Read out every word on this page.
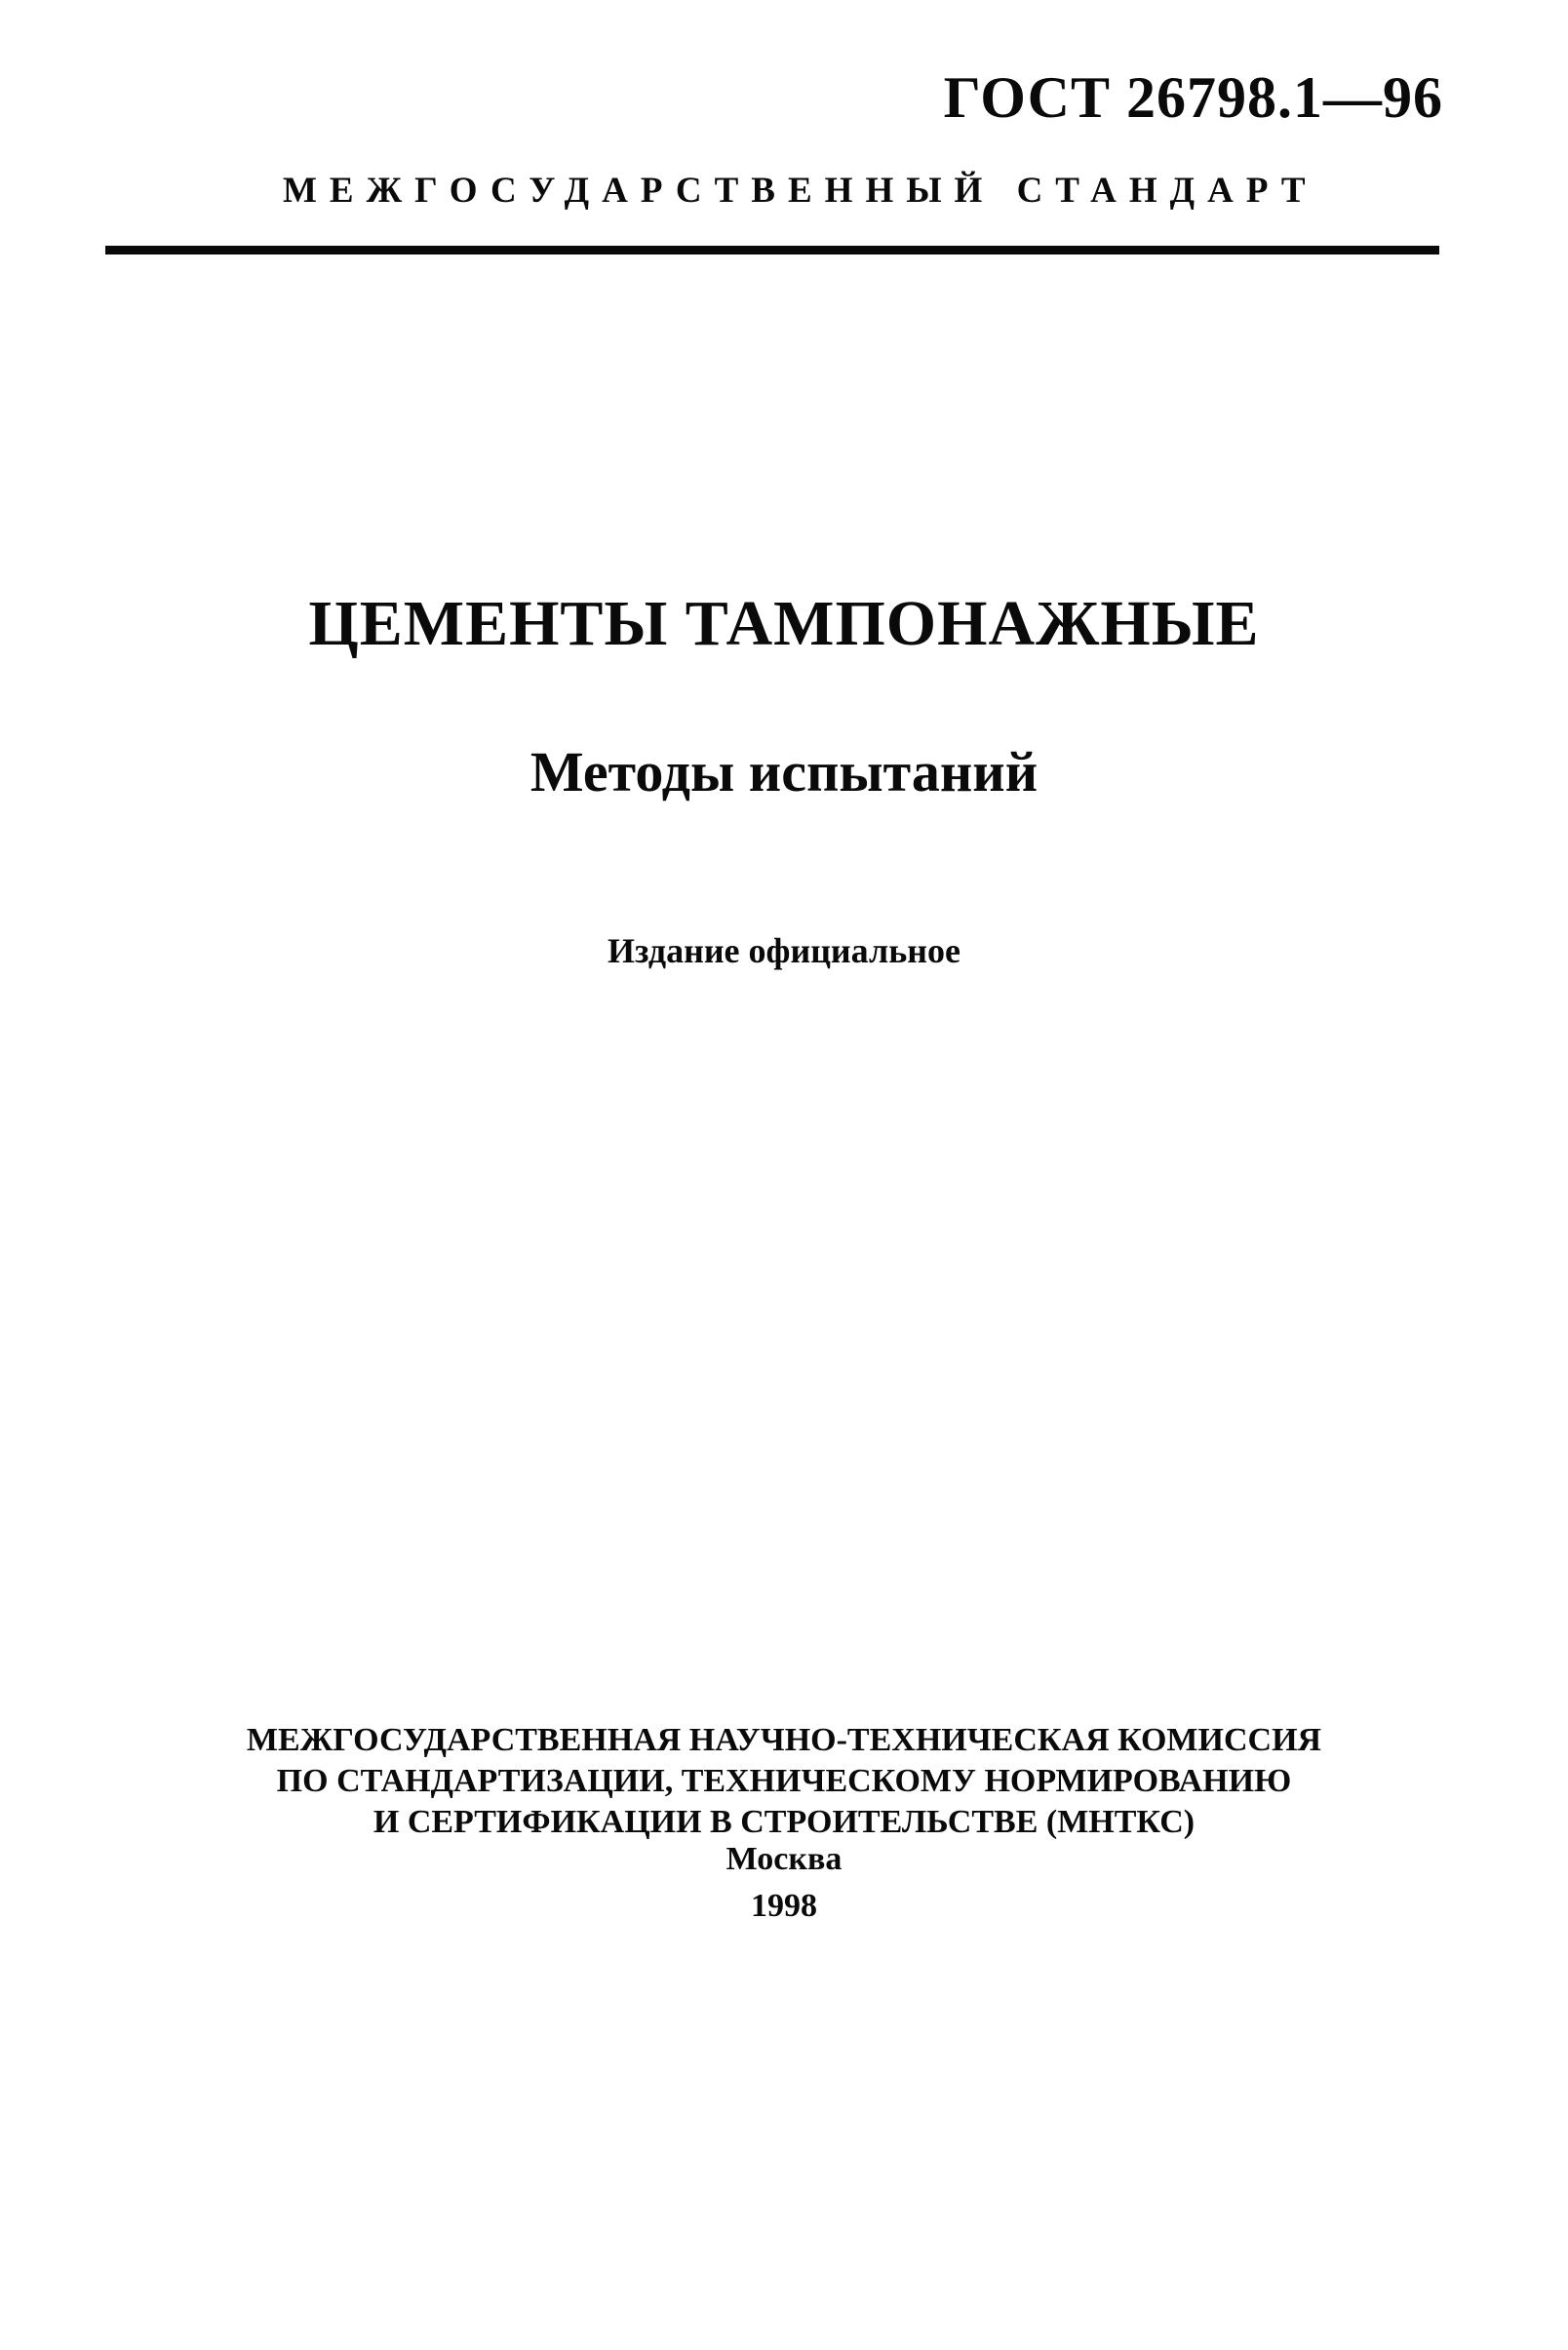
ГОСТ 26798.1—96
МЕЖГОСУДАРСТВЕННЫЙ СТАНДАРТ
ЦЕМЕНТЫ ТАМПОНАЖНЫЕ
Методы испытаний
Издание официальное
МЕЖГОСУДАРСТВЕННАЯ НАУЧНО-ТЕХНИЧЕСКАЯ КОМИССИЯ
ПО СТАНДАРТИЗАЦИИ, ТЕХНИЧЕСКОМУ НОРМИРОВАНИЮ
И СЕРТИФИКАЦИИ В СТРОИТЕЛЬСТВЕ (МНТКС)
Москва
1998
